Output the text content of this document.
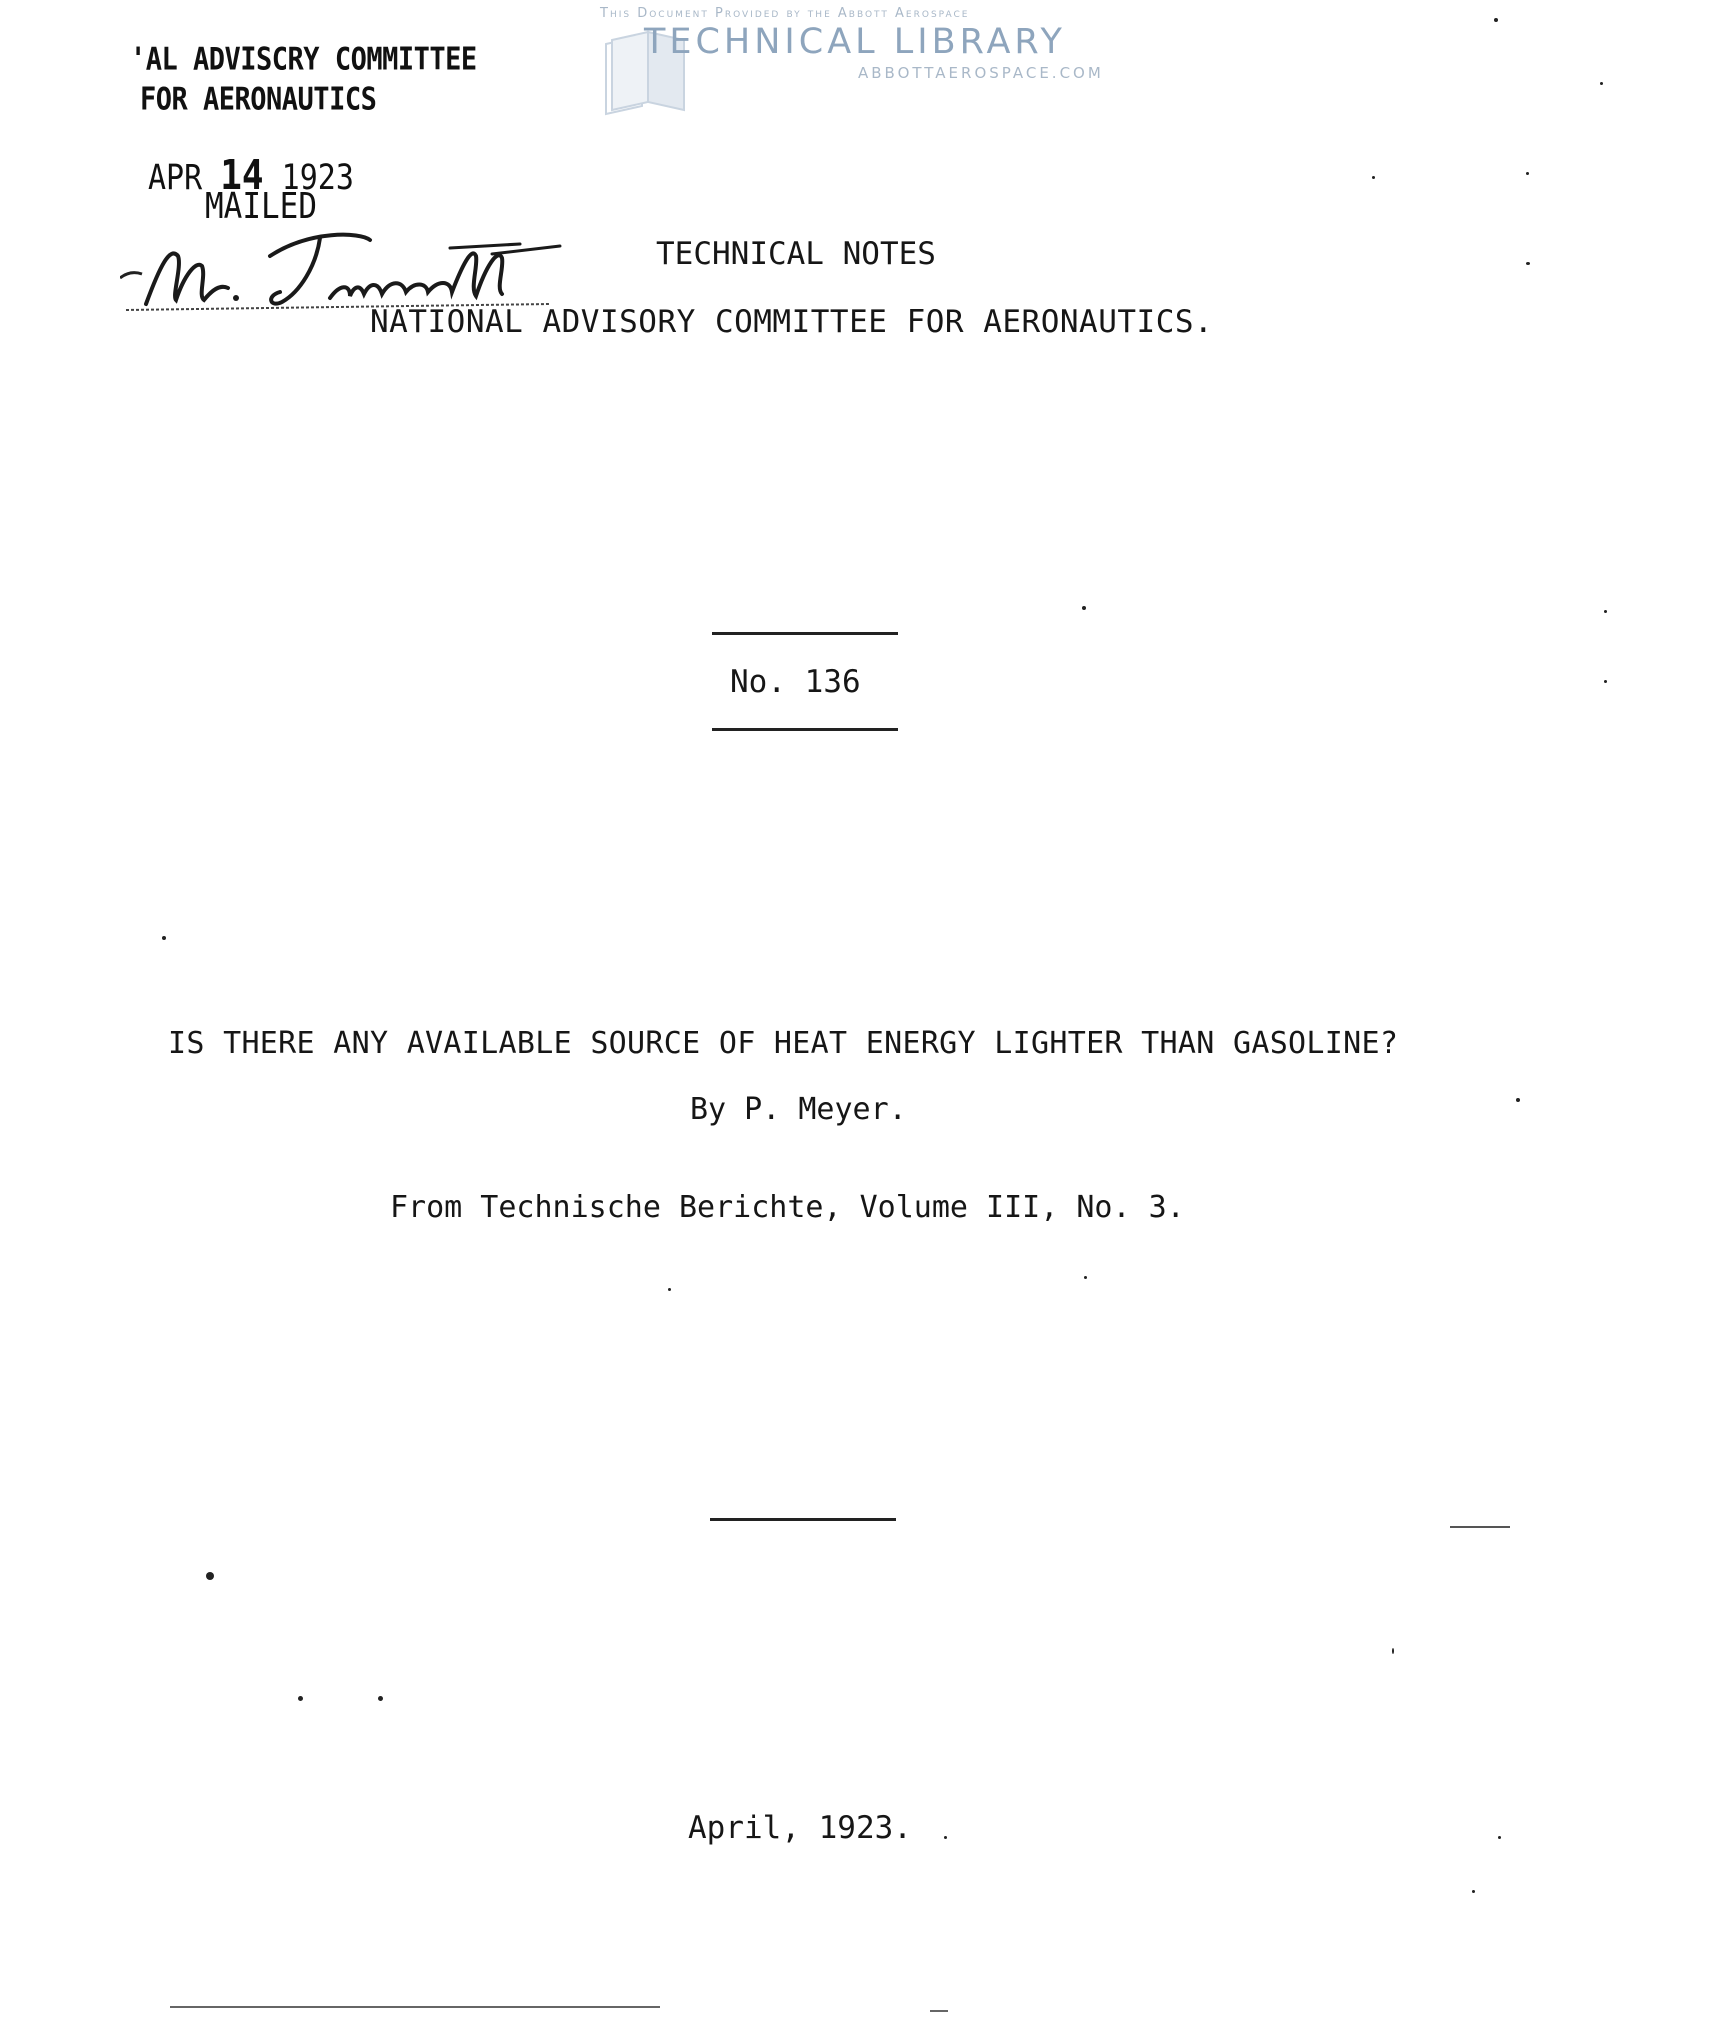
This Document Provided by the Abbott Aerospace
TECHNICAL LIBRARY
ABBOTTAEROSPACE.COM
'AL ADVISCRY COMMITTEE
FOR AERONAUTICS
APR 14 1923
MAILED
TECHNICAL NOTES
NATIONAL ADVISORY COMMITTEE FOR AERONAUTICS.
No. 136
IS THERE ANY AVAILABLE SOURCE OF HEAT ENERGY LIGHTER THAN GASOLINE?
By P. Meyer.
From Technische Berichte, Volume III, No. 3.
April, 1923.
